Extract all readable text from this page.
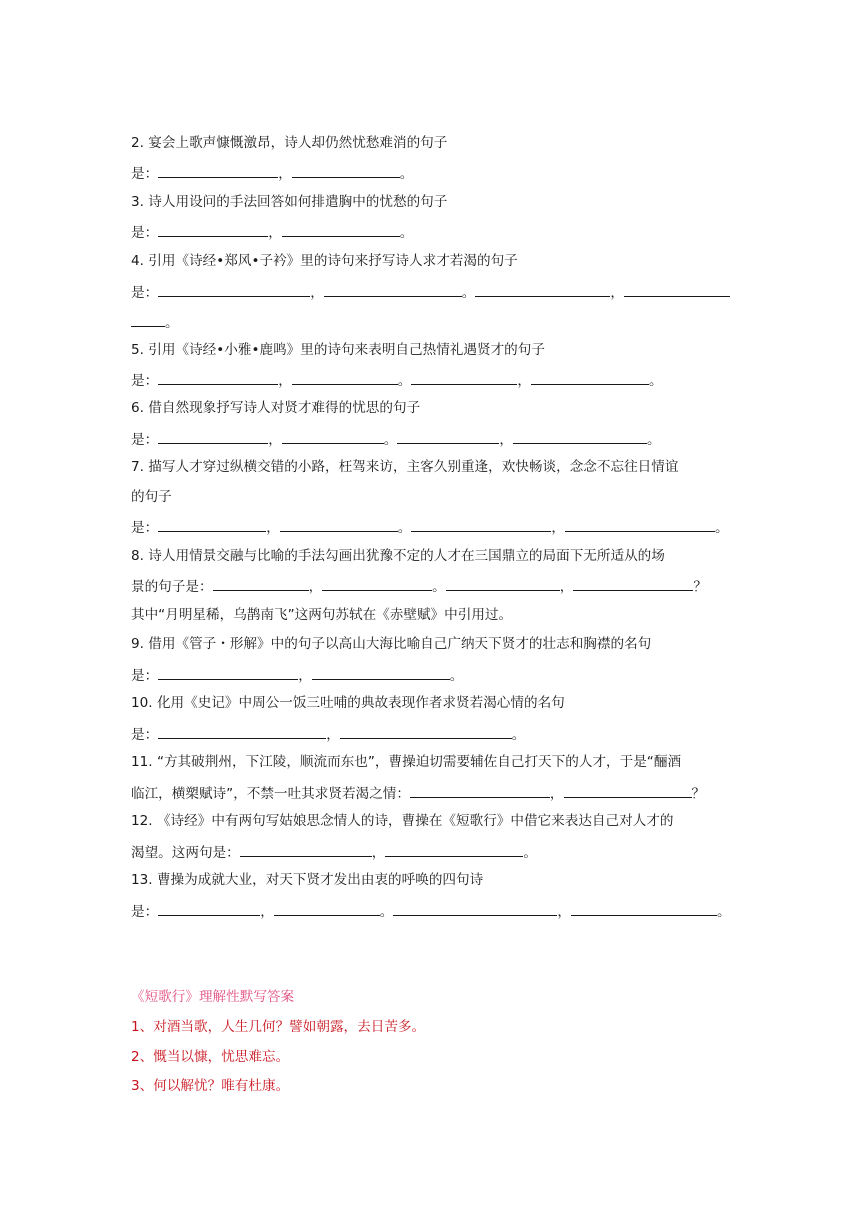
2. 宴会上歌声慷慨激昂，诗人却仍然忧愁难消的句子
是：	，	。
3. 诗人用设问的手法回答如何排遣胸中的忧愁的句子
是：	，	。
4. 引用《诗经•郑风•子衿》里的诗句来抒写诗人求才若渴的句子
是：	，	。	，
。
5. 引用《诗经•小雅•鹿鸣》里的诗句来表明自己热情礼遇贤才的句子
是：	，	。	，	。
6. 借自然现象抒写诗人对贤才难得的忧思的句子
是：	，	。	，	。
7. 描写人才穿过纵横交错的小路，枉驾来访，主客久别重逢，欢快畅谈，念念不忘往日情谊
的句子
是：	，	。	，	。
8. 诗人用情景交融与比喻的手法勾画出犹豫不定的人才在三国鼎立的局面下无所适从的场
景的句子是：	，	。	，	？
其中“月明星稀，乌鹊南飞”这两句苏轼在《赤壁赋》中引用过。
9. 借用《管子・形解》中的句子以高山大海比喻自己广纳天下贤才的壮志和胸襟的名句
是：	，	。
10. 化用《史记》中周公一饭三吐哺的典故表现作者求贤若渴心情的名句
是：	，	。
11. “方其破荆州，下江陵，顺流而东也”，曹操迫切需要辅佐自己打天下的人才，于是“酾酒
临江，横槊赋诗”，不禁一吐其求贤若渴之情：	，	？
12. 《诗经》中有两句写姑娘思念情人的诗，曹操在《短歌行》中借它来表达自己对人才的
渴望。这两句是：	，	。
13. 曹操为成就大业，对天下贤才发出由衷的呼唤的四句诗
是：	，	。	，	。
《短歌行》理解性默写答案
1、对酒当歌，人生几何？譬如朝露，去日苦多。
2、慨当以慷，忧思难忘。
3、何以解忧？唯有杜康。
